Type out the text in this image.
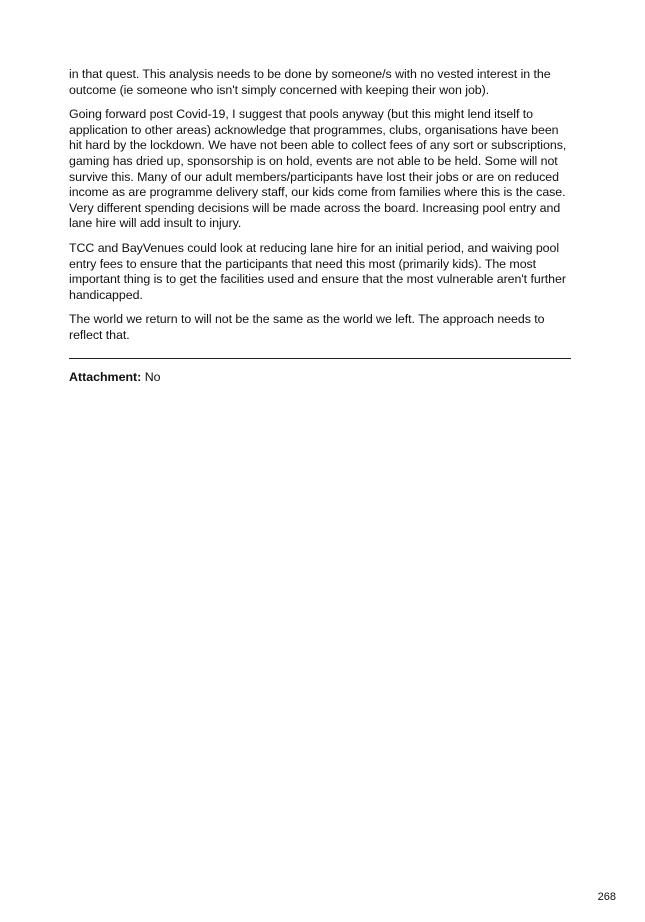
in that quest. This analysis needs to be done by someone/s with no vested interest in the outcome (ie someone who isn't simply concerned with keeping their won job).

Going forward post Covid-19, I suggest that pools anyway (but this might lend itself to application to other areas) acknowledge that programmes, clubs, organisations have been hit hard by the lockdown. We have not been able to collect fees of any sort or subscriptions, gaming has dried up, sponsorship is on hold, events are not able to be held. Some will not survive this. Many of our adult members/participants have lost their jobs or are on reduced income as are programme delivery staff, our kids come from families where this is the case. Very different spending decisions will be made across the board. Increasing pool entry and lane hire will add insult to injury.

TCC and BayVenues could look at reducing lane hire for an initial period, and waiving pool entry fees to ensure that the participants that need this most (primarily kids). The most important thing is to get the facilities used and ensure that the most vulnerable aren't further handicapped.

The world we return to will not be the same as the world we left. The approach needs to reflect that.

Attachment: No
268
